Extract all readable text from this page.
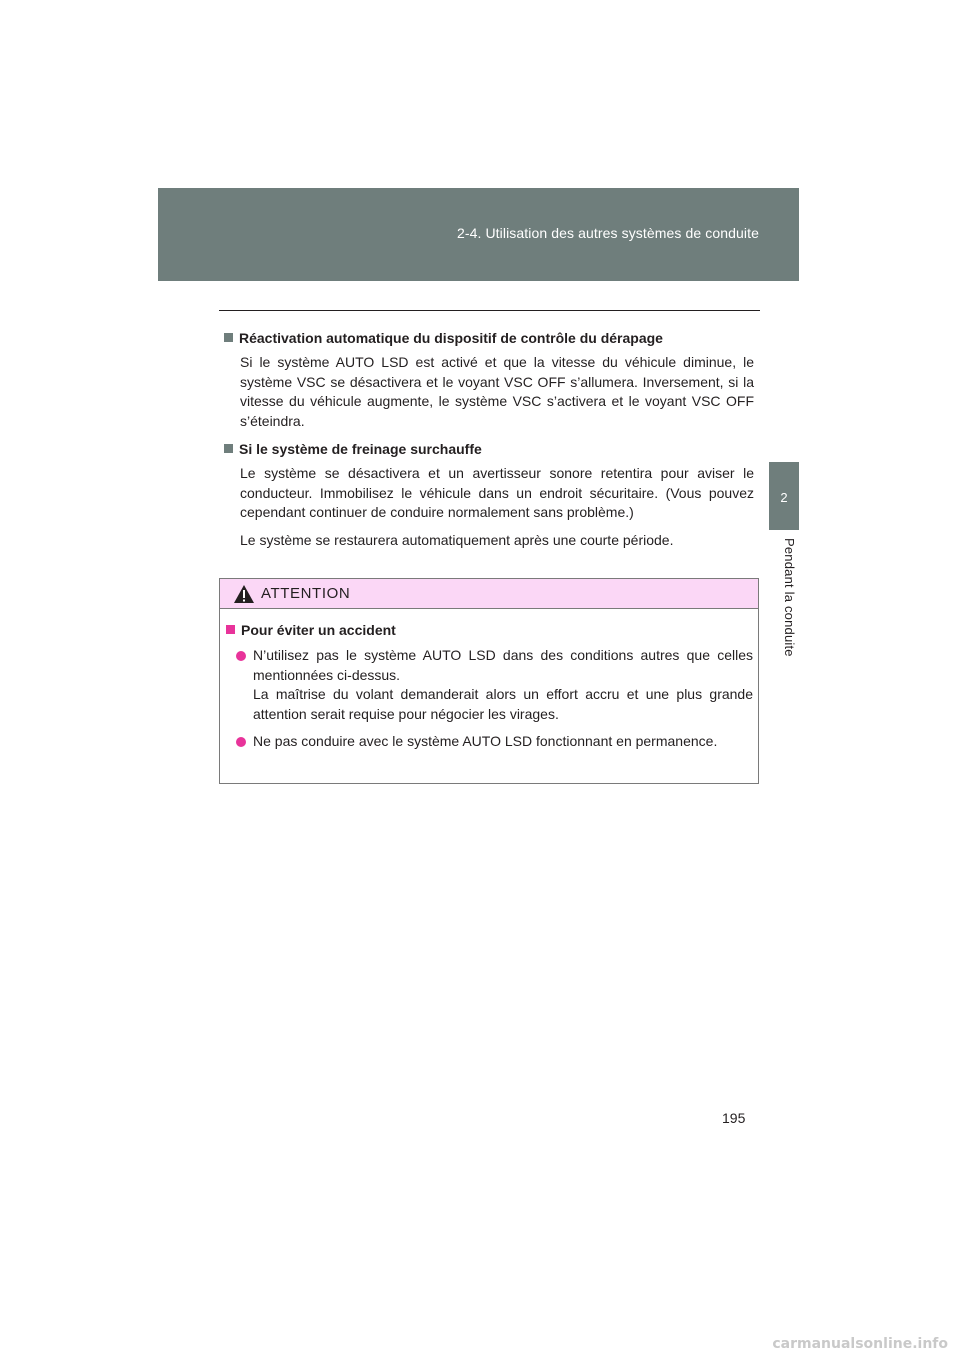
2-4. Utilisation des autres systèmes de conduite
2
Pendant la conduite
Réactivation automatique du dispositif de contrôle du dérapage

Si le système AUTO LSD est activé et que la vitesse du véhicule diminue, le système VSC se désactivera et le voyant VSC OFF s’allumera. Inversement, si la vitesse du véhicule augmente, le système VSC s’activera et le voyant VSC OFF s’éteindra.

Si le système de freinage surchauffe

Le système se désactivera et un avertisseur sonore retentira pour aviser le conducteur. Immobilisez le véhicule dans un endroit sécuritaire. (Vous pouvez cependant continuer de conduire normalement sans problème.)

Le système se restaurera automatiquement après une courte période.

ATTENTION
Pour éviter un accident
N’utilisez pas le système AUTO LSD dans des conditions autres que celles mentionnées ci-dessus.
La maîtrise du volant demanderait alors un effort accru et une plus grande attention serait requise pour négocier les virages.
Ne pas conduire avec le système AUTO LSD fonctionnant en permanence.
195
carmanualsonline.info
